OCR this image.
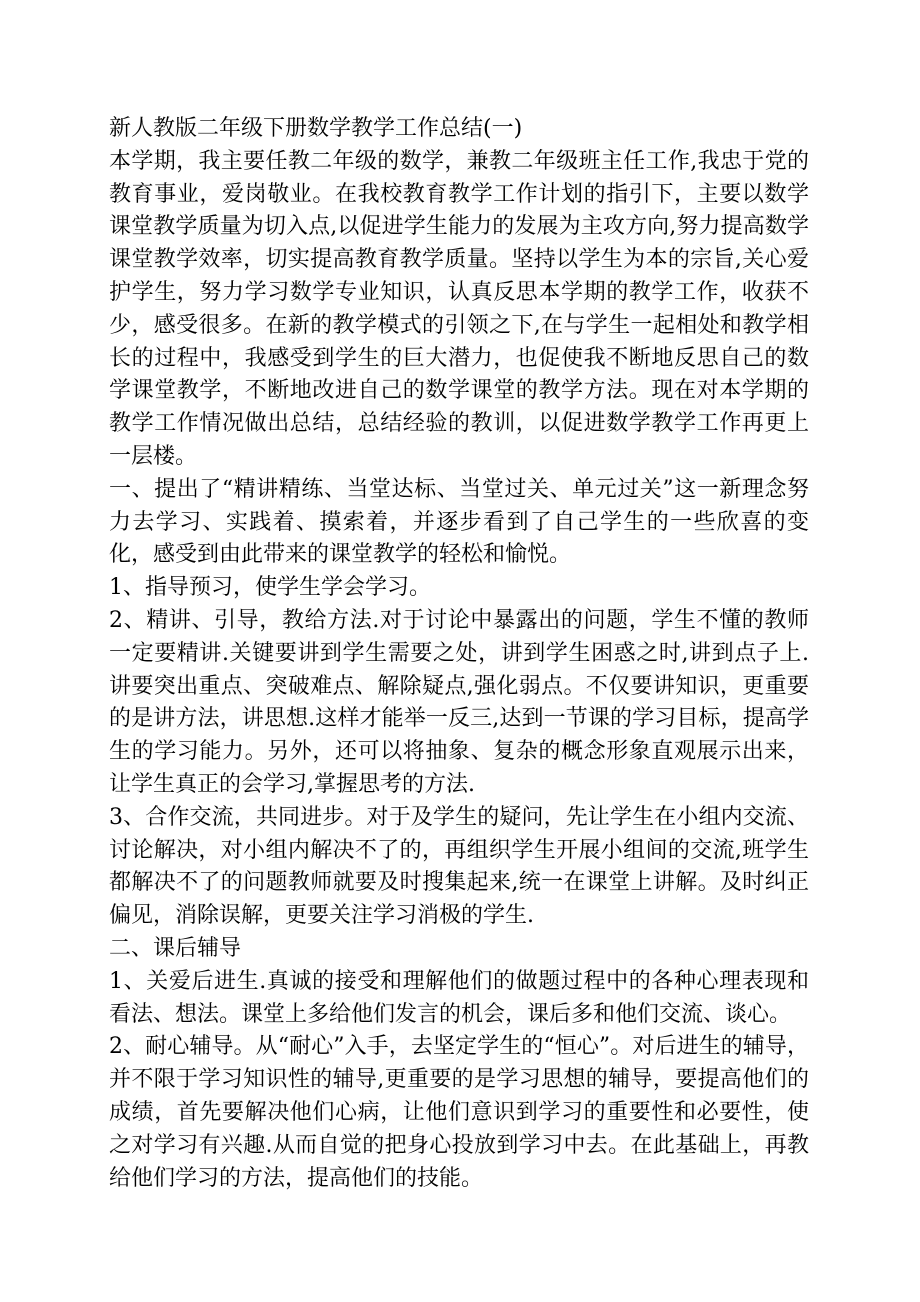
新人教版二年级下册数学教学工作总结(一)

本学期，我主要任教二年级的数学，兼教二年级班主任工作,我忠于党的教育事业，爱岗敬业。在我校教育教学工作计划的指引下，主要以数学课堂教学质量为切入点,以促进学生能力的发展为主攻方向,努力提高数学课堂教学效率，切实提高教育教学质量。坚持以学生为本的宗旨,关心爱护学生，努力学习数学专业知识，认真反思本学期的教学工作，收获不少，感受很多。在新的教学模式的引领之下,在与学生一起相处和教学相长的过程中，我感受到学生的巨大潜力，也促使我不断地反思自己的数学课堂教学，不断地改进自己的数学课堂的教学方法。现在对本学期的教学工作情况做出总结，总结经验的教训，以促进数学教学工作再更上一层楼。

一、提出了“精讲精练、当堂达标、当堂过关、单元过关”这一新理念努力去学习、实践着、摸索着，并逐步看到了自己学生的一些欣喜的变化，感受到由此带来的课堂教学的轻松和愉悦。

1、指导预习，使学生学会学习。

2、精讲、引导，教给方法.对于讨论中暴露出的问题，学生不懂的教师一定要精讲.关键要讲到学生需要之处，讲到学生困惑之时,讲到点子上.讲要突出重点、突破难点、解除疑点,强化弱点。不仅要讲知识，更重要的是讲方法，讲思想.这样才能举一反三,达到一节课的学习目标，提高学生的学习能力。另外，还可以将抽象、复杂的概念形象直观展示出来，让学生真正的会学习,掌握思考的方法.

3、合作交流，共同进步。对于及学生的疑问，先让学生在小组内交流、讨论解决，对小组内解决不了的，再组织学生开展小组间的交流,班学生都解决不了的问题教师就要及时搜集起来,统一在课堂上讲解。及时纠正偏见，消除误解，更要关注学习消极的学生.

二、课后辅导

1、关爱后进生.真诚的接受和理解他们的做题过程中的各种心理表现和看法、想法。课堂上多给他们发言的机会，课后多和他们交流、谈心。

2、耐心辅导。从“耐心”入手，去坚定学生的“恒心”。对后进生的辅导，并不限于学习知识性的辅导,更重要的是学习思想的辅导，要提高他们的成绩，首先要解决他们心病，让他们意识到学习的重要性和必要性，使之对学习有兴趣.从而自觉的把身心投放到学习中去。在此基础上，再教给他们学习的方法，提高他们的技能。
